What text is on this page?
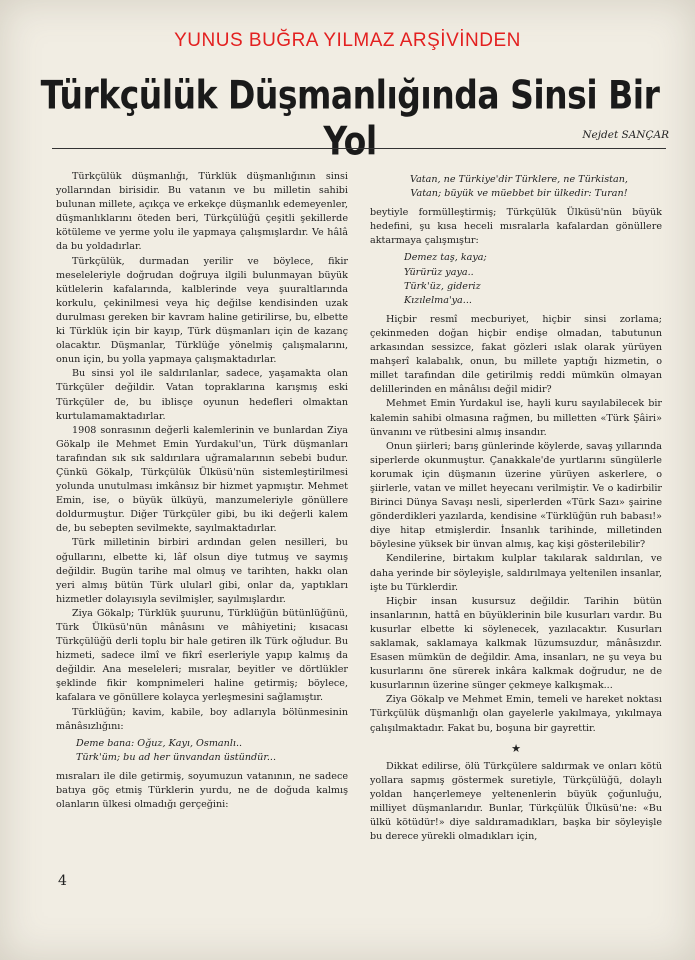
YUNUS BUĞRA YILMAZ ARŞİVİNDEN
Türkçülük Düşmanlığında Sinsi Bir Yol	Nejdet SANÇAR

Türkçülük düşmanlığı, Türklük düşmanlığının sinsi yollarından birisidir. Bu vatanın ve bu milletin sahibi bulunan millete, açıkça ve erkekçe düşmanlık edemeyenler, düşmanlıklarını öteden beri, Türkçülüğü çeşitli şekillerde kötüleme ve yerme yolu ile yapmaya çalışmışlardır. Ve hâlâ da bu yoldadırlar.

Türkçülük, durmadan yerilir ve böylece, fikir meseleleriyle doğrudan doğruya ilgili bulunmayan büyük kütlelerin kafalarında, kalblerinde veya şuuraltlarında korkulu, çekinilmesi veya hiç değilse kendisinden uzak durulması gereken bir kavram haline getirilirse, bu, elbette ki Türklük için bir kayıp, Türk düşmanları için de kazanç olacaktır. Düşmanlar, Türklüğe yönelmiş çalışmalarını, onun için, bu yolla yapmaya çalışmaktadırlar.

Bu sinsi yol ile saldırılanlar, sadece, yaşamakta olan Türkçüler değildir. Vatan topraklarına karışmış eski Türkçüler de, bu iblisçe oyunun hedefleri olmaktan kurtulamamaktadırlar.

1908 sonrasının değerli kalemlerinin ve bunlardan Ziya Gökalp ile Mehmet Emin Yurdakul'un, Türk düşmanları tarafından sık sık saldırılara uğramalarının sebebi budur. Çünkü Gökalp, Türkçülük Ülküsü'nün sistemleştirilmesi yolunda unutulması imkânsız bir hizmet yapmıştır. Mehmet Emin, ise, o büyük ülküyü, manzumeleriyle gönüllere doldurmuştur. Diğer Türkçüler gibi, bu iki değerli kalem de, bu sebepten sevilmekte, sayılmaktadırlar.

Türk milletinin birbiri ardından gelen nesilleri, bu oğullarını, elbette ki, lâf olsun diye tutmuş ve saymış değildir. Bugün tarihe mal olmuş ve tarihten, hakkı olan yeri almış bütün Türk ulularl gibi, onlar da, yaptıkları hizmetler dolayısıyla sevilmişler, sayılmışlardır.

Ziya Gökalp; Türklük şuurunu, Türklüğün bütünlüğünü, Türk Ülküsü'nün mânâsını ve mâhiyetini; kısacası Türkçülüğü derli toplu bir hale getiren ilk Türk oğludur. Bu hizmeti, sadece ilmî ve fikrî eserleriyle yapıp kalmış da değildir. Ana meseleleri; mısralar, beyitler ve dörtlükler şeklinde fikir kompnimeleri haline getirmiş; böylece, kafalara ve gönüllere kolayca yerleşmesini sağlamıştır.

Türklüğün; kavim, kabile, boy adlarıyla bölünmesinin mânâsızlığını:

Deme bana: Oğuz, Kayı, Osmanlı..
Türk'üm; bu ad her ünvandan üstündür...

mısraları ile dile getirmiş, soyumuzun vatanının, ne sadece batıya göç etmiş Türklerin yurdu, ne de doğuda kalmış olanların ülkesi olmadığı gerçeğini:

Vatan, ne Türkiye'dir Türklere, ne Türkistan,
Vatan; büyük ve müebbet bir ülkedir: Turan!

beytiyle formülleştirmiş; Türkçülük Ülküsü'nün büyük hedefini, şu kısa heceli mısralarla kafalardan gönüllere aktarmaya çalışmıştır:

Demez taş, kaya;
Yürürüz yaya..
Türk'üz, gideriz
Kızılelma'ya...

Hiçbir resmî mecburiyet, hiçbir sinsi zorlama; çekinmeden doğan hiçbir endişe olmadan, tabutunun arkasından sessizce, fakat gözleri ıslak olarak yürüyen mahşerî kalabalık, onun, bu millete yaptığı hizmetin, o millet tarafından dile getirilmiş reddi mümkün olmayan delillerinden en mânâlısı değil midir?

Mehmet Emin Yurdakul ise, hayli kuru sayılabilecek bir kalemin sahibi olmasına rağmen, bu milletten «Türk Şâiri» ünvanını ve rütbesini almış insandır.

Onun şiirleri; barış günlerinde köylerde, savaş yıllarında siperlerde okunmuştur. Çanakkale'de yurtlarını süngülerle korumak için düşmanın üzerine yürüyen askerlere, o şiirlerle, vatan ve millet heyecanı verilmiştir. Ve o kadirbilir Birinci Dünya Savaşı nesli, siperlerden «Türk Sazı» şairine gönderdikleri yazılarda, kendisine «Türklüğün ruh babası!» diye hitap etmişlerdir. İnsanlık tarihinde, milletinden böylesine yüksek bir ünvan almış, kaç kişi gösterilebilir?

Kendilerine, birtakım kulplar takılarak saldırılan, ve daha yerinde bir söyleyişle, saldırılmaya yeltenilen insanlar, işte bu Türklerdir.

Hiçbir insan kusursuz değildir. Tarihin bütün insanlarının, hattâ en büyüklerinin bile kusurları vardır. Bu kusurlar elbette ki söylenecek, yazılacaktır. Kusurları saklamak, saklamaya kalkmak lüzumsuzdur, mânâsızdır. Esasen mümkün de değildir. Ama, insanları, ne şu veya bu kusurlarını öne sürerek inkâra kalkmak doğrudur, ne de kusurlarının üzerine sünger çekmeye kalkışmak...

Ziya Gökalp ve Mehmet Emin, temeli ve hareket noktası Türkçülük düşmanlığı olan gayelerle yakılmaya, yıkılmaya çalışılmaktadır. Fakat bu, boşuna bir gayrettir.

★

Dikkat edilirse, ölü Türkçülere saldırmak ve onları kötü yollara sapmış göstermek suretiyle, Türkçülüğü, dolaylı yoldan hançerlemeye yeltenenlerin büyük çoğunluğu, milliyet düşmanlarıdır. Bunlar, Türkçülük Ülküsü'ne: «Bu ülkü kötüdür!» diye saldıramadıkları, başka bir söyleyişle bu derece yürekli olmadıkları için,

4
